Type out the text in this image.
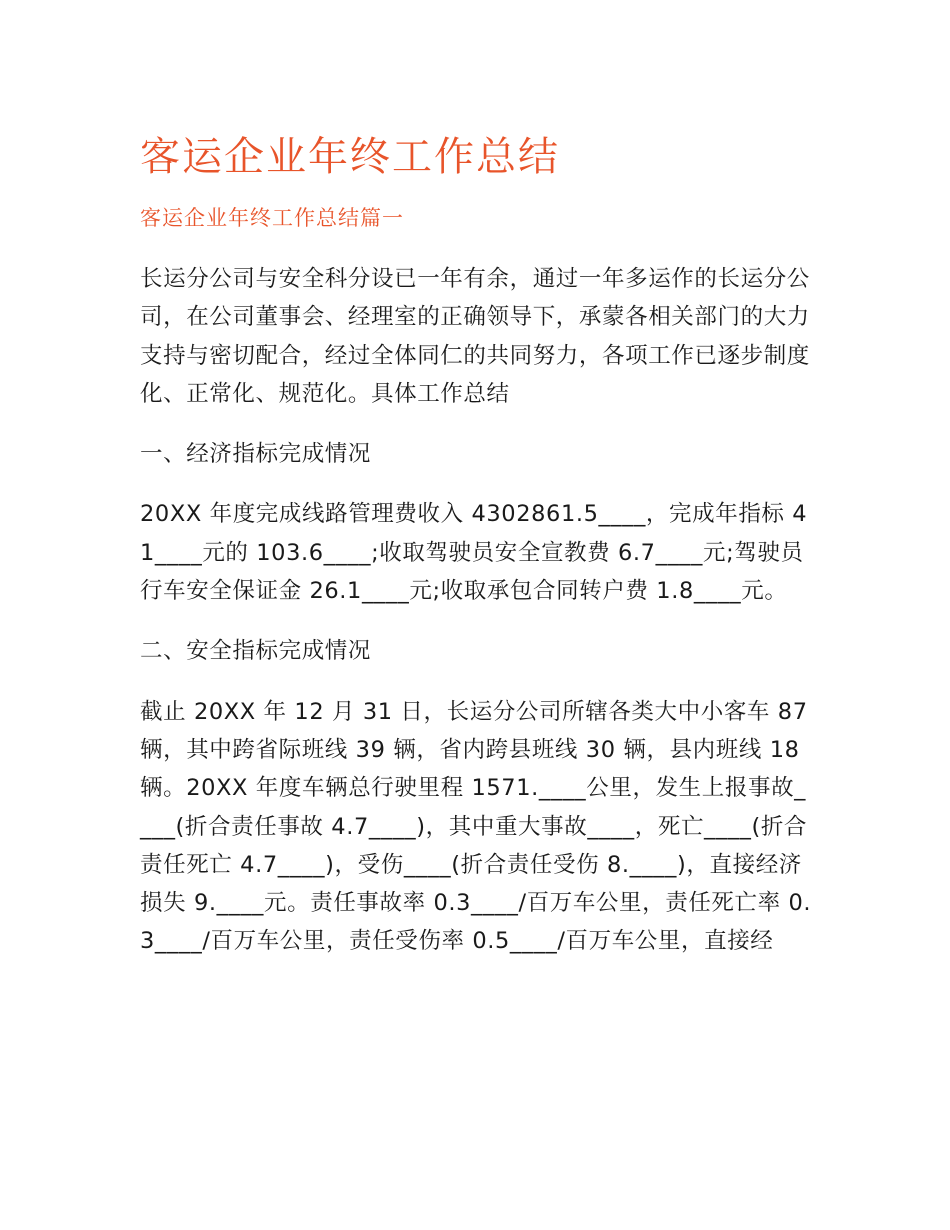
客运企业年终工作总结
客运企业年终工作总结篇一

长运分公司与安全科分设已一年有余，通过一年多运作的长运分公司，在公司董事会、经理室的正确领导下，承蒙各相关部门的大力支持与密切配合，经过全体同仁的共同努力，各项工作已逐步制度化、正常化、规范化。具体工作总结

一、经济指标完成情况

20XX 年度完成线路管理费收入 4302861.5____，完成年指标 41____元的 103.6____;收取驾驶员安全宣教费 6.7____元;驾驶员行车安全保证金 26.1____元;收取承包合同转户费 1.8____元。

二、安全指标完成情况

截止 20XX 年 12 月 31 日，长运分公司所辖各类大中小客车 87 辆，其中跨省际班线 39 辆，省内跨县班线 30 辆，县内班线 18 辆。20XX 年度车辆总行驶里程 1571.____公里，发生上报事故____(折合责任事故 4.7____)，其中重大事故____，死亡____(折合责任死亡 4.7____)，受伤____(折合责任受伤 8.____)，直接经济损失 9.____元。责任事故率 0.3____/百万车公里，责任死亡率 0.3____/百万车公里，责任受伤率 0.5____/百万车公里，直接经
